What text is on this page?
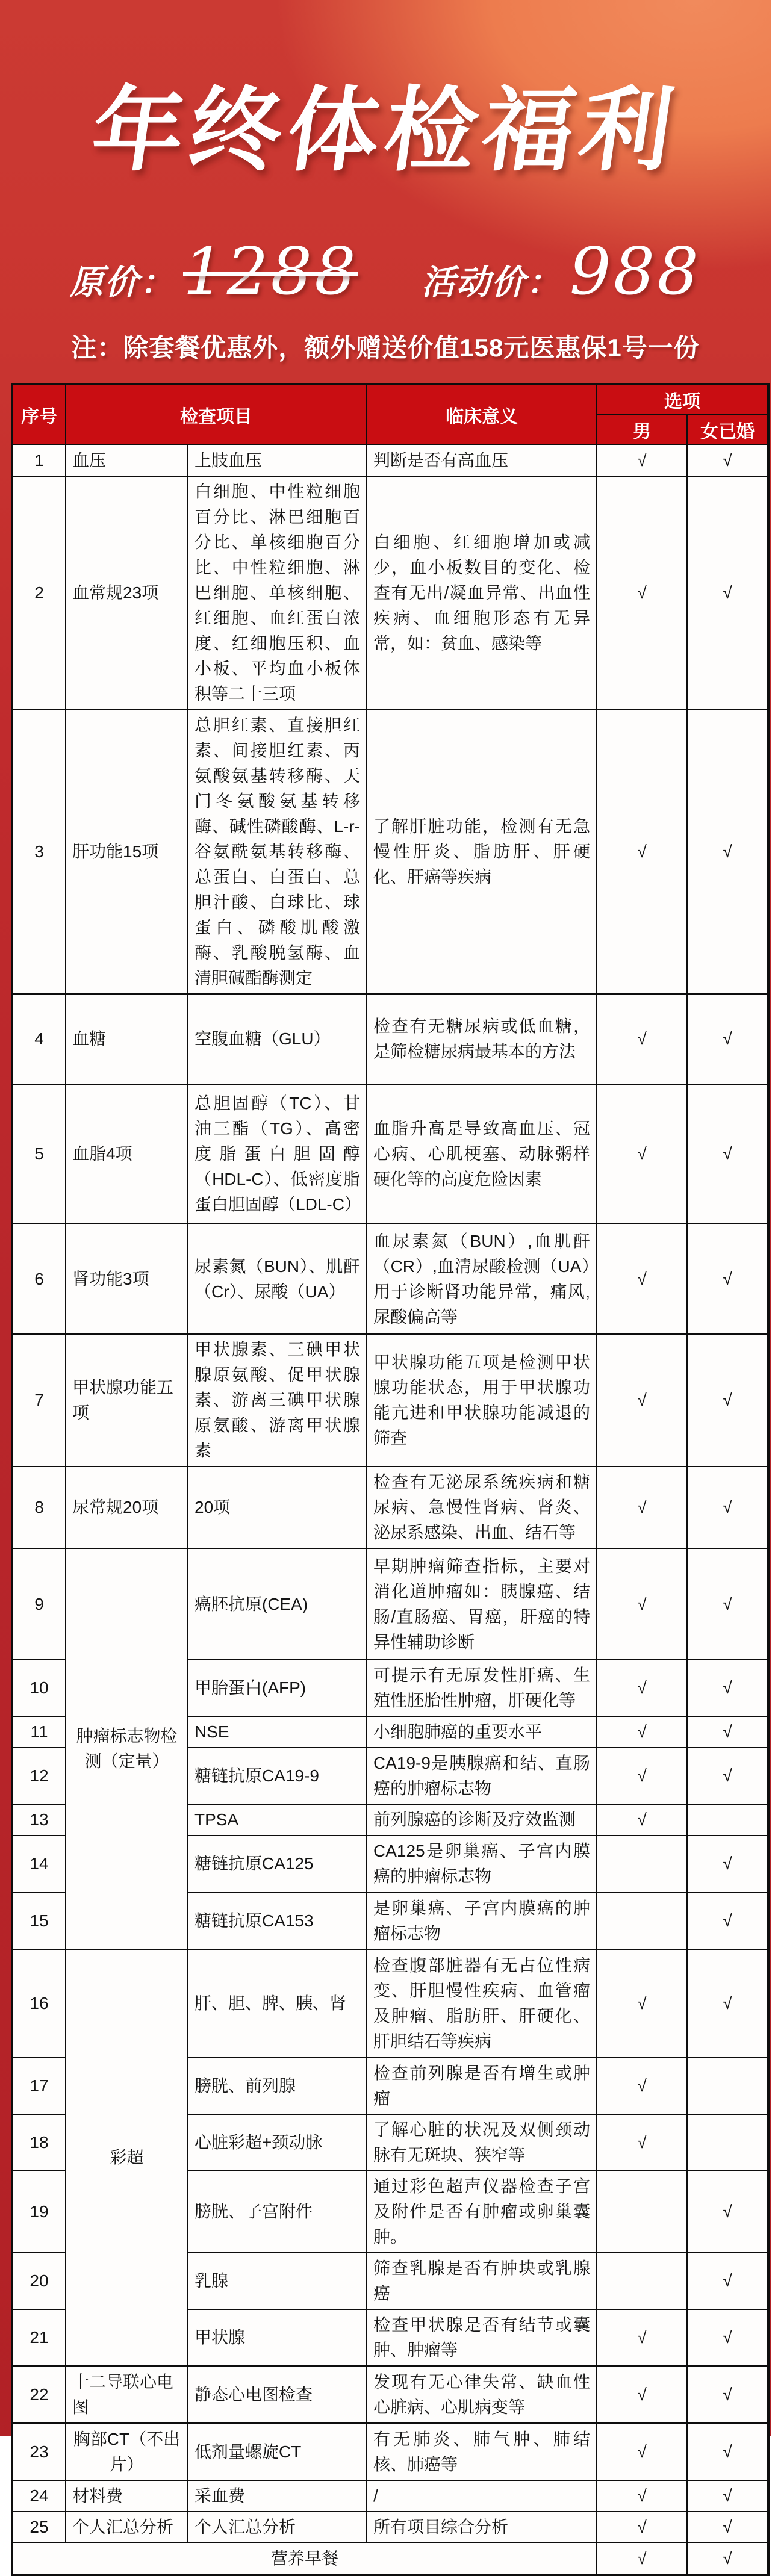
年终体检福利
原价： 1288 活动价： 988
注：除套餐优惠外，额外赠送价值158元医惠保1号一份
序号	检查项目		临床意义	选项	
				男	女已婚
1	血压	上肢血压	判断是否有高血压	√	√
2	血常规23项	白细胞、中性粒细胞百分比、淋巴细胞百分比、单核细胞百分比、中性粒细胞、淋巴细胞、单核细胞、红细胞、血红蛋白浓度、红细胞压积、血小板、平均血小板体积等二十三项	白细胞、红细胞增加或减少，血小板数目的变化、检查有无出/凝血异常、出血性疾病、血细胞形态有无异常，如：贫血、感染等	√	√
3	肝功能15项	总胆红素、直接胆红素、间接胆红素、丙氨酸氨基转移酶、天门冬氨酸氨基转移酶、碱性磷酸酶、L-r-谷氨酰氨基转移酶、总蛋白、白蛋白、总胆汁酸、白球比、球蛋白、磷酸肌酸激酶、乳酸脱氢酶、血清胆碱酯酶测定	了解肝脏功能，检测有无急慢性肝炎、脂肪肝、肝硬化、肝癌等疾病	√	√
4	血糖	空腹血糖（GLU）	检查有无糖尿病或低血糖，是筛检糖尿病最基本的方法	√	√
5	血脂4项	总胆固醇（TC）、甘油三酯（TG）、高密度脂蛋白胆固醇（HDL-C）、低密度脂蛋白胆固醇（LDL-C）	血脂升高是导致高血压、冠心病、心肌梗塞、动脉粥样硬化等的高度危险因素	√	√
6	肾功能3项	尿素氮（BUN）、肌酐（Cr）、尿酸（UA）	血尿素氮（BUN）,血肌酐（CR）,血清尿酸检测（UA）用于诊断肾功能异常，痛风,尿酸偏高等	√	√
7	甲状腺功能五项	甲状腺素、三碘甲状腺原氨酸、促甲状腺素、游离三碘甲状腺原氨酸、游离甲状腺素	甲状腺功能五项是检测甲状腺功能状态，用于甲状腺功能亢进和甲状腺功能减退的筛查	√	√
8	尿常规20项	20项	检查有无泌尿系统疾病和糖尿病、急慢性肾病、肾炎、泌尿系感染、出血、结石等	√	√
9	肿瘤标志物检测（定量）	癌胚抗原(CEA)	早期肿瘤筛查指标，主要对消化道肿瘤如：胰腺癌、结肠/直肠癌、胃癌，肝癌的特异性辅助诊断	√	√
10		甲胎蛋白(AFP)	可提示有无原发性肝癌、生殖性胚胎性肿瘤，肝硬化等	√	√
11		NSE	小细胞肺癌的重要水平	√	√
12		糖链抗原CA19-9	CA19-9是胰腺癌和结、直肠癌的肿瘤标志物	√	√
13		TPSA	前列腺癌的诊断及疗效监测	√	
14		糖链抗原CA125	CA125是卵巢癌、子宫内膜癌的肿瘤标志物		√
15		糖链抗原CA153	是卵巢癌、子宫内膜癌的肿瘤标志物		√
16	彩超	肝、胆、脾、胰、肾	检查腹部脏器有无占位性病变、肝胆慢性疾病、血管瘤及肿瘤、脂肪肝、肝硬化、肝胆结石等疾病	√	√
17		膀胱、前列腺	检查前列腺是否有增生或肿瘤	√	
18		心脏彩超+颈动脉	了解心脏的状况及双侧颈动脉有无斑块、狭窄等	√	
19		膀胱、子宫附件	通过彩色超声仪器检查子宫及附件是否有肿瘤或卵巢囊肿。		√
20		乳腺	筛查乳腺是否有肿块或乳腺癌		√
21		甲状腺	检查甲状腺是否有结节或囊肿、肿瘤等	√	√
22	十二导联心电图	静态心电图检查	发现有无心律失常、缺血性心脏病、心肌病变等	√	√
23	胸部CT（不出片）	低剂量螺旋CT	有无肺炎、肺气肿、肺结核、肺癌等	√	√
24	材料费	采血费	/	√	√
25	个人汇总分析	个人汇总分析	所有项目综合分析	√	√
营养早餐				√	√
